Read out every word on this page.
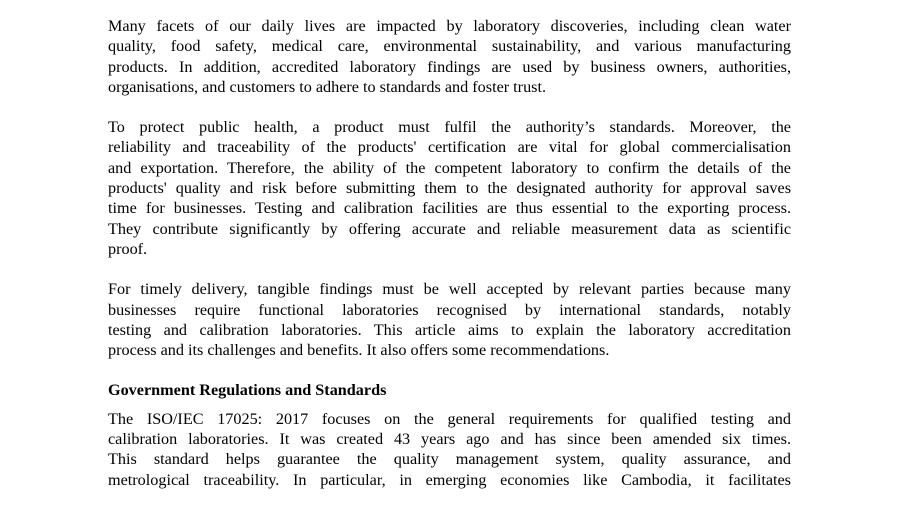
Many facets of our daily lives are impacted by laboratory discoveries, including clean water
quality, food safety, medical care, environmental sustainability, and various manufacturing
products. In addition, accredited laboratory findings are used by business owners, authorities,
organisations, and customers to adhere to standards and foster trust.
To protect public health, a product must fulfil the authority’s standards. Moreover, the
reliability and traceability of the products' certification are vital for global commercialisation
and exportation. Therefore, the ability of the competent laboratory to confirm the details of the
products' quality and risk before submitting them to the designated authority for approval saves
time for businesses. Testing and calibration facilities are thus essential to the exporting process.
They contribute significantly by offering accurate and reliable measurement data as scientific
proof.
For timely delivery, tangible findings must be well accepted by relevant parties because many
businesses require functional laboratories recognised by international standards, notably
testing and calibration laboratories. This article aims to explain the laboratory accreditation
process and its challenges and benefits. It also offers some recommendations.
Government Regulations and Standards
The ISO/IEC 17025: 2017 focuses on the general requirements for qualified testing and
calibration laboratories. It was created 43 years ago and has since been amended six times.
This standard helps guarantee the quality management system, quality assurance, and
metrological traceability. In particular, in emerging economies like Cambodia, it facilitates
